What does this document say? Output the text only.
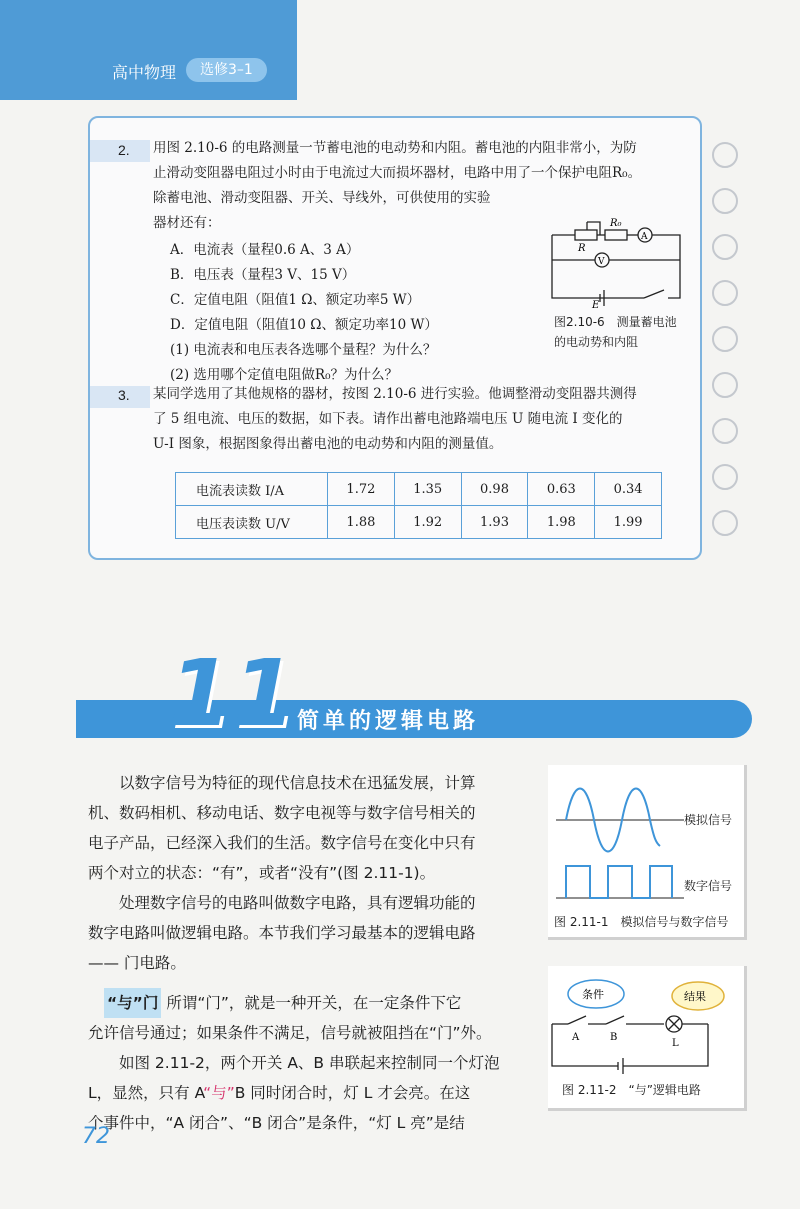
高中物理	选修3–1
2. 用图 2.10-6 的电路测量一节蓄电池的电动势和内阻。蓄电池的内阻非常小，为防
止滑动变阻器电阻过小时由于电流过大而损坏器材，电路中用了一个保护电阻R₀。
除蓄电池、滑动变阻器、开关、导线外，可供使用的实验
器材还有：
A．电流表（量程0.6 A、3 A）
B．电压表（量程3 V、15 V）
C．定值电阻（阻值1 Ω、额定功率5 W）
D．定值电阻（阻值10 Ω、额定功率10 W）
(1) 电流表和电压表各选哪个量程？为什么？
(2) 选用哪个定值电阻做R₀？为什么？
R₀
R
A
V
E
图2.10-6　测量蓄电池
的电动势和内阻
3. 某同学选用了其他规格的器材，按图 2.10-6 进行实验。他调整滑动变阻器共测得
了 5 组电流、电压的数据，如下表。请作出蓄电池路端电压 U 随电流 I 变化的
U-I 图象，根据图象得出蓄电池的电动势和内阻的测量值。
电流表读数 I/A	1.72	1.35	0.98	0.63	0.34
电压表读数 U/V	1.88	1.92	1.93	1.98	1.99
11 简单的逻辑电路
以数字信号为特征的现代信息技术在迅猛发展，计算
机、数码相机、移动电话、数字电视等与数字信号相关的
电子产品，已经深入我们的生活。数字信号在变化中只有
两个对立的状态：“有”，或者“没有”(图 2.11-1)。
处理数字信号的电路叫做数字电路，具有逻辑功能的
数字电路叫做逻辑电路。本节我们学习最基本的逻辑电路
—— 门电路。
“与”门 所谓“门”，就是一种开关，在一定条件下它
允许信号通过；如果条件不满足，信号就被阻挡在“门”外。
如图 2.11-2，两个开关 A、B 串联起来控制同一个灯泡
L，显然，只有 A“与”B 同时闭合时，灯 L 才会亮。在这
个事件中，“A 闭合”、“B 闭合”是条件，“灯 L 亮”是结
模拟信号
数字信号
图 2.11-1　模拟信号与数字信号
条件	结果
A	B
L
图 2.11-2　“与”逻辑电路
72
